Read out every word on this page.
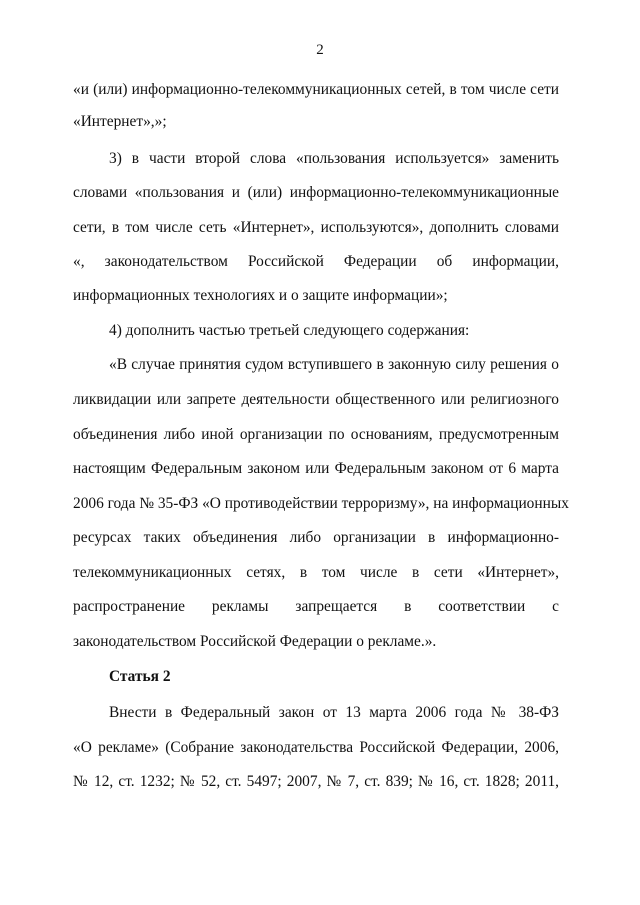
2
«и (или) информационно-телекоммуникационных сетей, в том числе сети
«Интернет»,»;
3) в части второй слова «пользования используется» заменить
словами «пользования и (или) информационно-телекоммуникационные
сети, в том числе сеть «Интернет», используются», дополнить словами
«, законодательством Российской Федерации об информации,
информационных технологиях и о защите информации»;
4) дополнить частью третьей следующего содержания:
«В случае принятия судом вступившего в законную силу решения о
ликвидации или запрете деятельности общественного или религиозного
объединения либо иной организации по основаниям, предусмотренным
настоящим Федеральным законом или Федеральным законом от 6 марта
2006 года № 35-ФЗ «О противодействии терроризму», на информационных
ресурсах таких объединения либо организации в информационно-
телекоммуникационных сетях, в том числе в сети «Интернет»,
распространение рекламы запрещается в соответствии с
законодательством Российской Федерации о рекламе.».
Статья 2
Внести в Федеральный закон от 13 марта 2006 года № 38-ФЗ
«О рекламе» (Собрание законодательства Российской Федерации, 2006,
№ 12, ст. 1232; № 52, ст. 5497; 2007, № 7, ст. 839; № 16, ст. 1828; 2011,
